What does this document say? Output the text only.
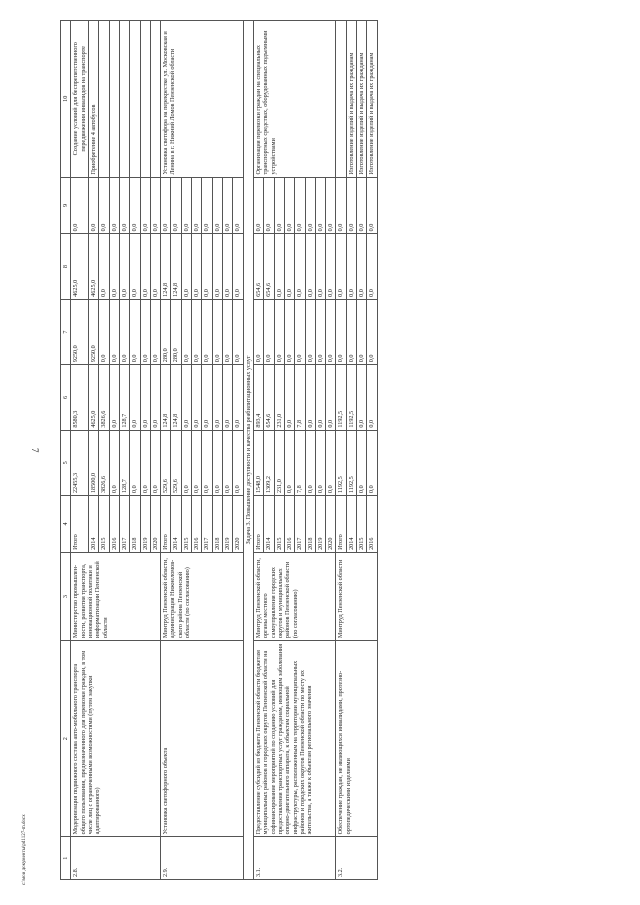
7
c:\мои документы\pd1127-m.docx	1	2	3	4	5	6	7	8	9	10
2.8.	Модернизация подвижного состава авто-мобильного транспорта общего пользования, предназначенного для перевозки граждан, в том числе лиц с ограниченными возможностями (путем закупки адаптированного)	Министерство промышлен-ности, развития транспорта, инновационной политики и информатизации Пензенской области	Итого	22455,3	8580,3	9250,0	4625,0	0,0	Создание условий для беспрепятственного передвижения инвалидов на транспорте
			2014	18500,0	4625,0	9250,0	4625,0	0,0	Приобретение 4 автобусов
			2015	3826,6	3826,6	0,0	0,0	0,0	
			2016	0,0	0,0	0,0	0,0	0,0	
			2017	128,7	128,7	0,0	0,0	0,0	
			2018	0,0	0,0	0,0	0,0	0,0	
			2019	0,0	0,0	0,0	0,0	0,0	
			2020	0,0	0,0	0,0	0,0	0,0	
2.9.	Установка светофорного объекта	Минтруд Пензенской области, администрация Нижнеломов-ского района Пензенской области (по согласованию)	Итого	529,6	124,8	280,0	124,8	0,0	Установка светофора на перекрестке ул. Московская и Ленина в г. Нижний Ломов Пензенской области
			2014	529,6	124,8	280,0	124,8	0,0	
			2015	0,0	0,0	0,0	0,0	0,0	
			2016	0,0	0,0	0,0	0,0	0,0	
			2017	0,0	0,0	0,0	0,0	0,0	
			2018	0,0	0,0	0,0	0,0	0,0	
			2019	0,0	0,0	0,0	0,0	0,0	
			2020	0,0	0,0	0,0	0,0	0,0	
Задача 3. Повышение доступности и качества реабилитационных услуг									
3.1.	Предоставление субсидий из бюджета Пензенской области бюджетам муниципальных районов и городских округов Пензенской области на софинансирование мероприятий по созданию условий для предоставления транспортных услуг гражданам, имеющим заболевания опорно-двигательного аппарата, к объектам социальной инфраструктуры, расположенным на территории муниципальных районов и городских округов Пензенской области по месту их жительства, а также к объектам регионального значения	Минтруд Пензенской области, органы местного самоуправления городских округов и муниципальных районов Пензенской области (по согласованию)	Итого	1548,0	893,4	0,0	654,6	0,0	Организация перевозки граждан на специальных транспортных средствах, оборудованных подъемными устройствами
			2014	1309,2	654,6	0,0	654,6	0,0	
			2015	231,0	231,0	0,0	0,0	0,0	
			2016	0,0	0,0	0,0	0,0	0,0	
			2017	7,8	7,8	0,0	0,0	0,0	
			2018	0,0	0,0	0,0	0,0	0,0	
			2019	0,0	0,0	0,0	0,0	0,0	
			2020	0,0	0,0	0,0	0,0	0,0	
3.2.	Обеспечение граждан, не являющихся инвалидами, протезно-ортопедическими изделиями	Минтруд Пензенской области	Итого	1192,5	1192,5	0,0	0,0	0,0	
			2014	1192,5	1192,5	0,0	0,0	0,0	Изготовление изделий и выдача их гражданам
			2015	0,0	0,0	0,0	0,0	0,0	Изготовление изделий и выдача их гражданам
			2016	0,0	0,0	0,0	0,0	0,0	Изготовление изделий и выдача их гражданам
